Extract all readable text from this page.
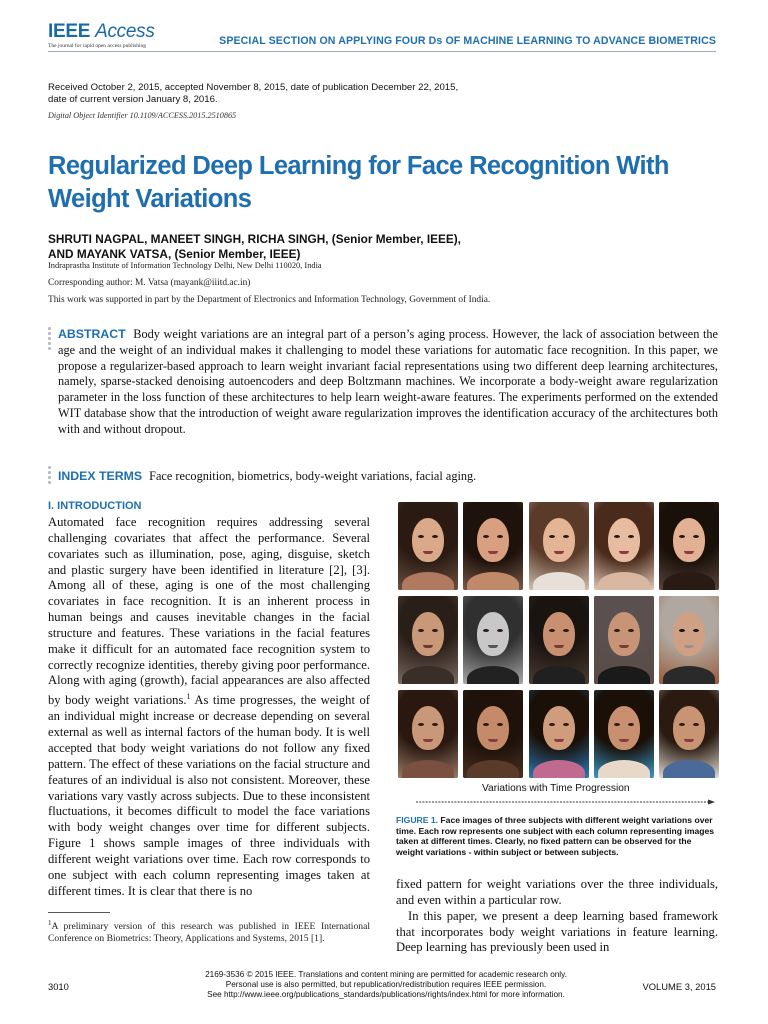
IEEE Access
The journal for rapid open access publishing	SPECIAL SECTION ON APPLYING FOUR Ds OF MACHINE LEARNING TO ADVANCE BIOMETRICS
Received October 2, 2015, accepted November 8, 2015, date of publication December 22, 2015,
date of current version January 8, 2016.
Digital Object Identifier 10.1109/ACCESS.2015.2510865
Regularized Deep Learning for Face Recognition With Weight Variations
SHRUTI NAGPAL, MANEET SINGH, RICHA SINGH, (Senior Member, IEEE),
AND MAYANK VATSA, (Senior Member, IEEE)
Indraprastha Institute of Information Technology Delhi, New Delhi 110020, India
Corresponding author: M. Vatsa (mayank@iiitd.ac.in)
This work was supported in part by the Department of Electronics and Information Technology, Government of India.
ABSTRACT Body weight variations are an integral part of a person’s aging process. However, the lack of association between the age and the weight of an individual makes it challenging to model these variations for automatic face recognition. In this paper, we propose a regularizer-based approach to learn weight invariant facial representations using two different deep learning architectures, namely, sparse-stacked denoising autoencoders and deep Boltzmann machines. We incorporate a body-weight aware regularization parameter in the loss function of these architectures to help learn weight-aware features. The experiments performed on the extended WIT database show that the introduction of weight aware regularization improves the identification accuracy of the architectures both with and without dropout.
INDEX TERMS Face recognition, biometrics, body-weight variations, facial aging.
I. INTRODUCTION
Automated face recognition requires addressing several challenging covariates that affect the performance. Several covariates such as illumination, pose, aging, disguise, sketch and plastic surgery have been identified in literature [2], [3]. Among all of these, aging is one of the most challenging covariates in face recognition. It is an inherent process in human beings and causes inevitable changes in the facial structure and features. These variations in the facial features make it difficult for an automated face recognition system to correctly recognize identities, thereby giving poor performance. Along with aging (growth), facial appearances are also affected by body weight variations.$^1$ As time progresses, the weight of an individual might increase or decrease depending on several external as well as internal factors of the human body. It is well accepted that body weight variations do not follow any fixed pattern. The effect of these variations on the facial structure and features of an individual is also not consistent. Moreover, these variations vary vastly across subjects. Due to these inconsistent fluctuations, it becomes difficult to model the face variations with body weight changes over time for different subjects. Figure 1 shows sample images of three individuals with different weight variations over time. Each row corresponds to one subject with each column representing images taken at different times. It is clear that there is no
$^1$A preliminary version of this research was published in IEEE International Conference on Biometrics: Theory, Applications and Systems, 2015 [1].
Variations with Time Progression
FIGURE 1. Face images of three subjects with different weight variations over time. Each row represents one subject with each column representing images taken at different times. Clearly, no fixed pattern can be observed for the weight variations - within subject or between subjects.

fixed pattern for weight variations over the three individuals, and even within a particular row.

In this paper, we present a deep learning based framework that incorporates body weight variations in feature learning. Deep learning has previously been used in

3010
2169-3536 © 2015 IEEE. Translations and content mining are permitted for academic research only.
Personal use is also permitted, but republication/redistribution requires IEEE permission.
See http://www.ieee.org/publications_standards/publications/rights/index.html for more information.
VOLUME 3, 2015
